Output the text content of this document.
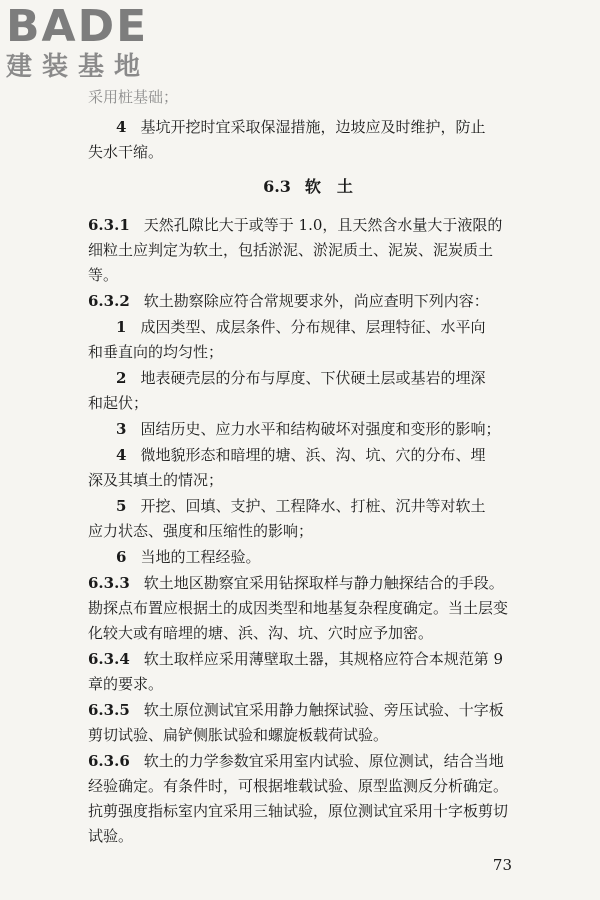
BADE
建装基地
采用桩基础；
4 基坑开挖时宜采取保湿措施，边坡应及时维护，防止
失水干缩。
6.3 软　土
6.3.1 天然孔隙比大于或等于 1.0，且天然含水量大于液限的
细粒土应判定为软土，包括淤泥、淤泥质土、泥炭、泥炭质土
等。
6.3.2 软土勘察除应符合常规要求外，尚应查明下列内容：
1 成因类型、成层条件、分布规律、层理特征、水平向
和垂直向的均匀性；
2 地表硬壳层的分布与厚度、下伏硬土层或基岩的埋深
和起伏；
3 固结历史、应力水平和结构破坏对强度和变形的影响；
4 微地貌形态和暗埋的塘、浜、沟、坑、穴的分布、埋
深及其填土的情况；
5 开挖、回填、支护、工程降水、打桩、沉井等对软土
应力状态、强度和压缩性的影响；
6 当地的工程经验。
6.3.3 软土地区勘察宜采用钻探取样与静力触探结合的手段。
勘探点布置应根据土的成因类型和地基复杂程度确定。当土层变
化较大或有暗埋的塘、浜、沟、坑、穴时应予加密。
6.3.4 软土取样应采用薄壁取土器，其规格应符合本规范第 9
章的要求。
6.3.5 软土原位测试宜采用静力触探试验、旁压试验、十字板
剪切试验、扁铲侧胀试验和螺旋板载荷试验。
6.3.6 软土的力学参数宜采用室内试验、原位测试，结合当地
经验确定。有条件时，可根据堆载试验、原型监测反分析确定。
抗剪强度指标室内宜采用三轴试验，原位测试宜采用十字板剪切
试验。
73
